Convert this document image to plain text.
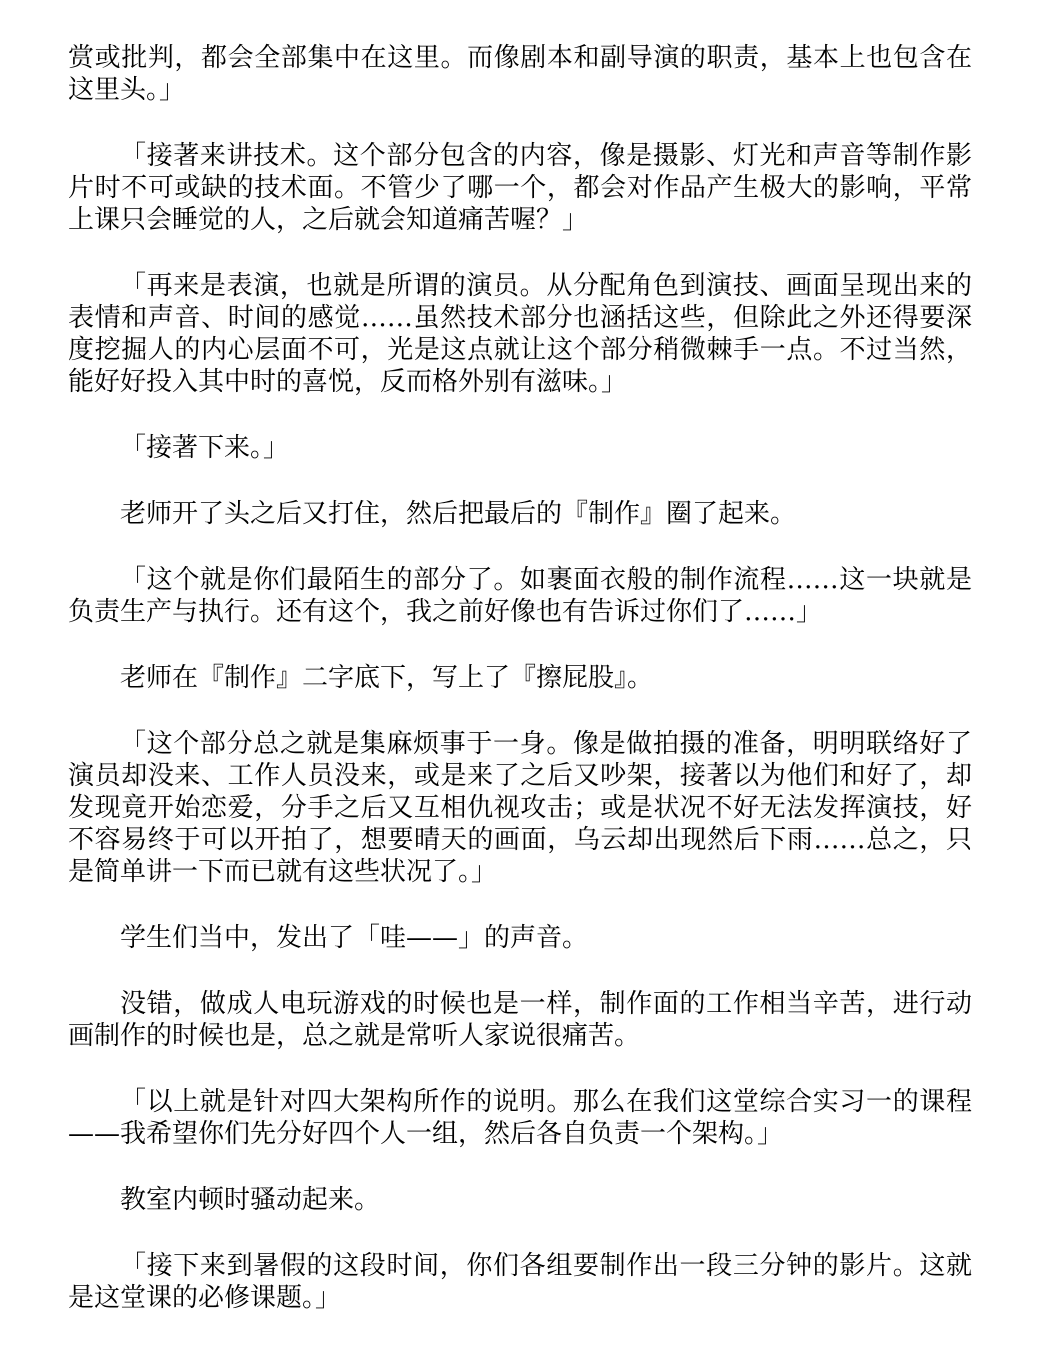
赏或批判，都会全部集中在这里。而像剧本和副导演的职责，基本上也包含在这里头。」

「接著来讲技术。这个部分包含的内容，像是摄影、灯光和声音等制作影片时不可或缺的技术面。不管少了哪一个，都会对作品产生极大的影响，平常上课只会睡觉的人，之后就会知道痛苦喔？」

「再来是表演，也就是所谓的演员。从分配角色到演技、画面呈现出来的表情和声音、时间的感觉……虽然技术部分也涵括这些，但除此之外还得要深度挖掘人的内心层面不可，光是这点就让这个部分稍微棘手一点。不过当然，能好好投入其中时的喜悦，反而格外别有滋味。」

「接著下来。」

老师开了头之后又打住，然后把最后的『制作』圈了起来。

「这个就是你们最陌生的部分了。如裹面衣般的制作流程……这一块就是负责生产与执行。还有这个，我之前好像也有告诉过你们了……」

老师在『制作』二字底下，写上了『擦屁股』。

「这个部分总之就是集麻烦事于一身。像是做拍摄的准备，明明联络好了演员却没来、工作人员没来，或是来了之后又吵架，接著以为他们和好了，却发现竟开始恋爱，分手之后又互相仇视攻击；或是状况不好无法发挥演技，好不容易终于可以开拍了，想要晴天的画面，乌云却出现然后下雨……总之，只是简单讲一下而已就有这些状况了。」

学生们当中，发出了「哇——」的声音。

没错，做成人电玩游戏的时候也是一样，制作面的工作相当辛苦，进行动画制作的时候也是，总之就是常听人家说很痛苦。

「以上就是针对四大架构所作的说明。那么在我们这堂综合实习一的课程——我希望你们先分好四个人一组，然后各自负责一个架构。」

教室内顿时骚动起来。

「接下来到暑假的这段时间，你们各组要制作出一段三分钟的影片。这就是这堂课的必修课题。」
